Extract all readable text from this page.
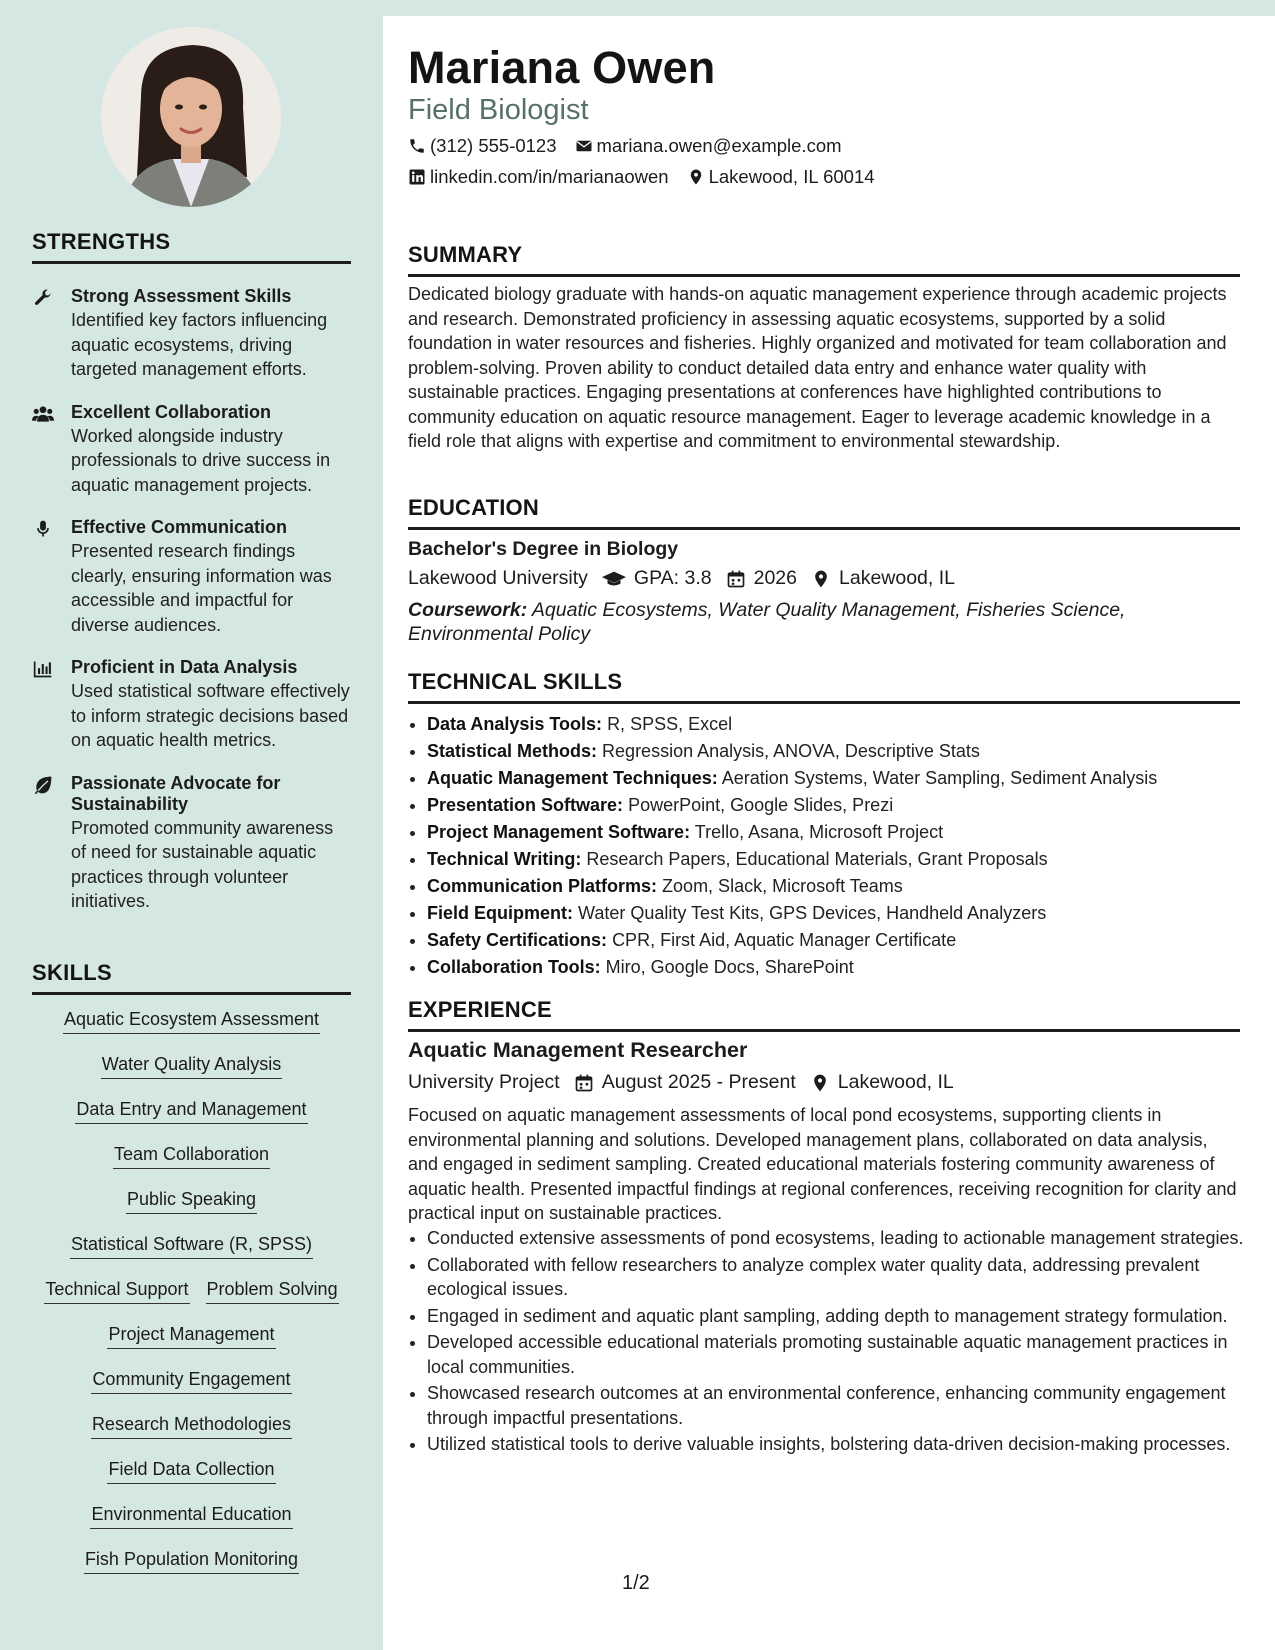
STRENGTHS
Strong Assessment Skills
Identified key factors influencing aquatic ecosystems, driving targeted management efforts.
Excellent Collaboration
Worked alongside industry professionals to drive success in aquatic management projects.
Effective Communication
Presented research findings clearly, ensuring information was accessible and impactful for diverse audiences.
Proficient in Data Analysis
Used statistical software effectively to inform strategic decisions based on aquatic health metrics.
Passionate Advocate for Sustainability
Promoted community awareness of need for sustainable aquatic practices through volunteer initiatives.
SKILLS
Aquatic Ecosystem Assessment
Water Quality Analysis
Data Entry and Management
Team Collaboration
Public Speaking
Statistical Software (R, SPSS)
Technical Support Problem Solving
Project Management
Community Engagement
Research Methodologies
Field Data Collection
Environmental Education
Fish Population Monitoring
Mariana Owen
Field Biologist
(312) 555-0123 mariana.owen@example.com
linkedin.com/in/marianaowen Lakewood, IL 60014
SUMMARY
Dedicated biology graduate with hands-on aquatic management experience through academic projects and research. Demonstrated proficiency in assessing aquatic ecosystems, supported by a solid foundation in water resources and fisheries. Highly organized and motivated for team collaboration and problem-solving. Proven ability to conduct detailed data entry and enhance water quality with sustainable practices. Engaging presentations at conferences have highlighted contributions to community education on aquatic resource management. Eager to leverage academic knowledge in a field role that aligns with expertise and commitment to environmental stewardship.
EDUCATION
Bachelor's Degree in Biology
Lakewood University GPA: 3.8 2026 Lakewood, IL
Coursework: Aquatic Ecosystems, Water Quality Management, Fisheries Science, Environmental Policy
TECHNICAL SKILLS
• Data Analysis Tools: R, SPSS, Excel
• Statistical Methods: Regression Analysis, ANOVA, Descriptive Stats
• Aquatic Management Techniques: Aeration Systems, Water Sampling, Sediment Analysis
• Presentation Software: PowerPoint, Google Slides, Prezi
• Project Management Software: Trello, Asana, Microsoft Project
• Technical Writing: Research Papers, Educational Materials, Grant Proposals
• Communication Platforms: Zoom, Slack, Microsoft Teams
• Field Equipment: Water Quality Test Kits, GPS Devices, Handheld Analyzers
• Safety Certifications: CPR, First Aid, Aquatic Manager Certificate
• Collaboration Tools: Miro, Google Docs, SharePoint
EXPERIENCE
Aquatic Management Researcher
University Project August 2025 - Present Lakewood, IL
Focused on aquatic management assessments of local pond ecosystems, supporting clients in environmental planning and solutions. Developed management plans, collaborated on data analysis, and engaged in sediment sampling. Created educational materials fostering community awareness of aquatic health. Presented impactful findings at regional conferences, receiving recognition for clarity and practical input on sustainable practices.
• Conducted extensive assessments of pond ecosystems, leading to actionable management strategies.
• Collaborated with fellow researchers to analyze complex water quality data, addressing prevalent ecological issues.
• Engaged in sediment and aquatic plant sampling, adding depth to management strategy formulation.
• Developed accessible educational materials promoting sustainable aquatic management practices in local communities.
• Showcased research outcomes at an environmental conference, enhancing community engagement through impactful presentations.
• Utilized statistical tools to derive valuable insights, bolstering data-driven decision-making processes.
1/2
